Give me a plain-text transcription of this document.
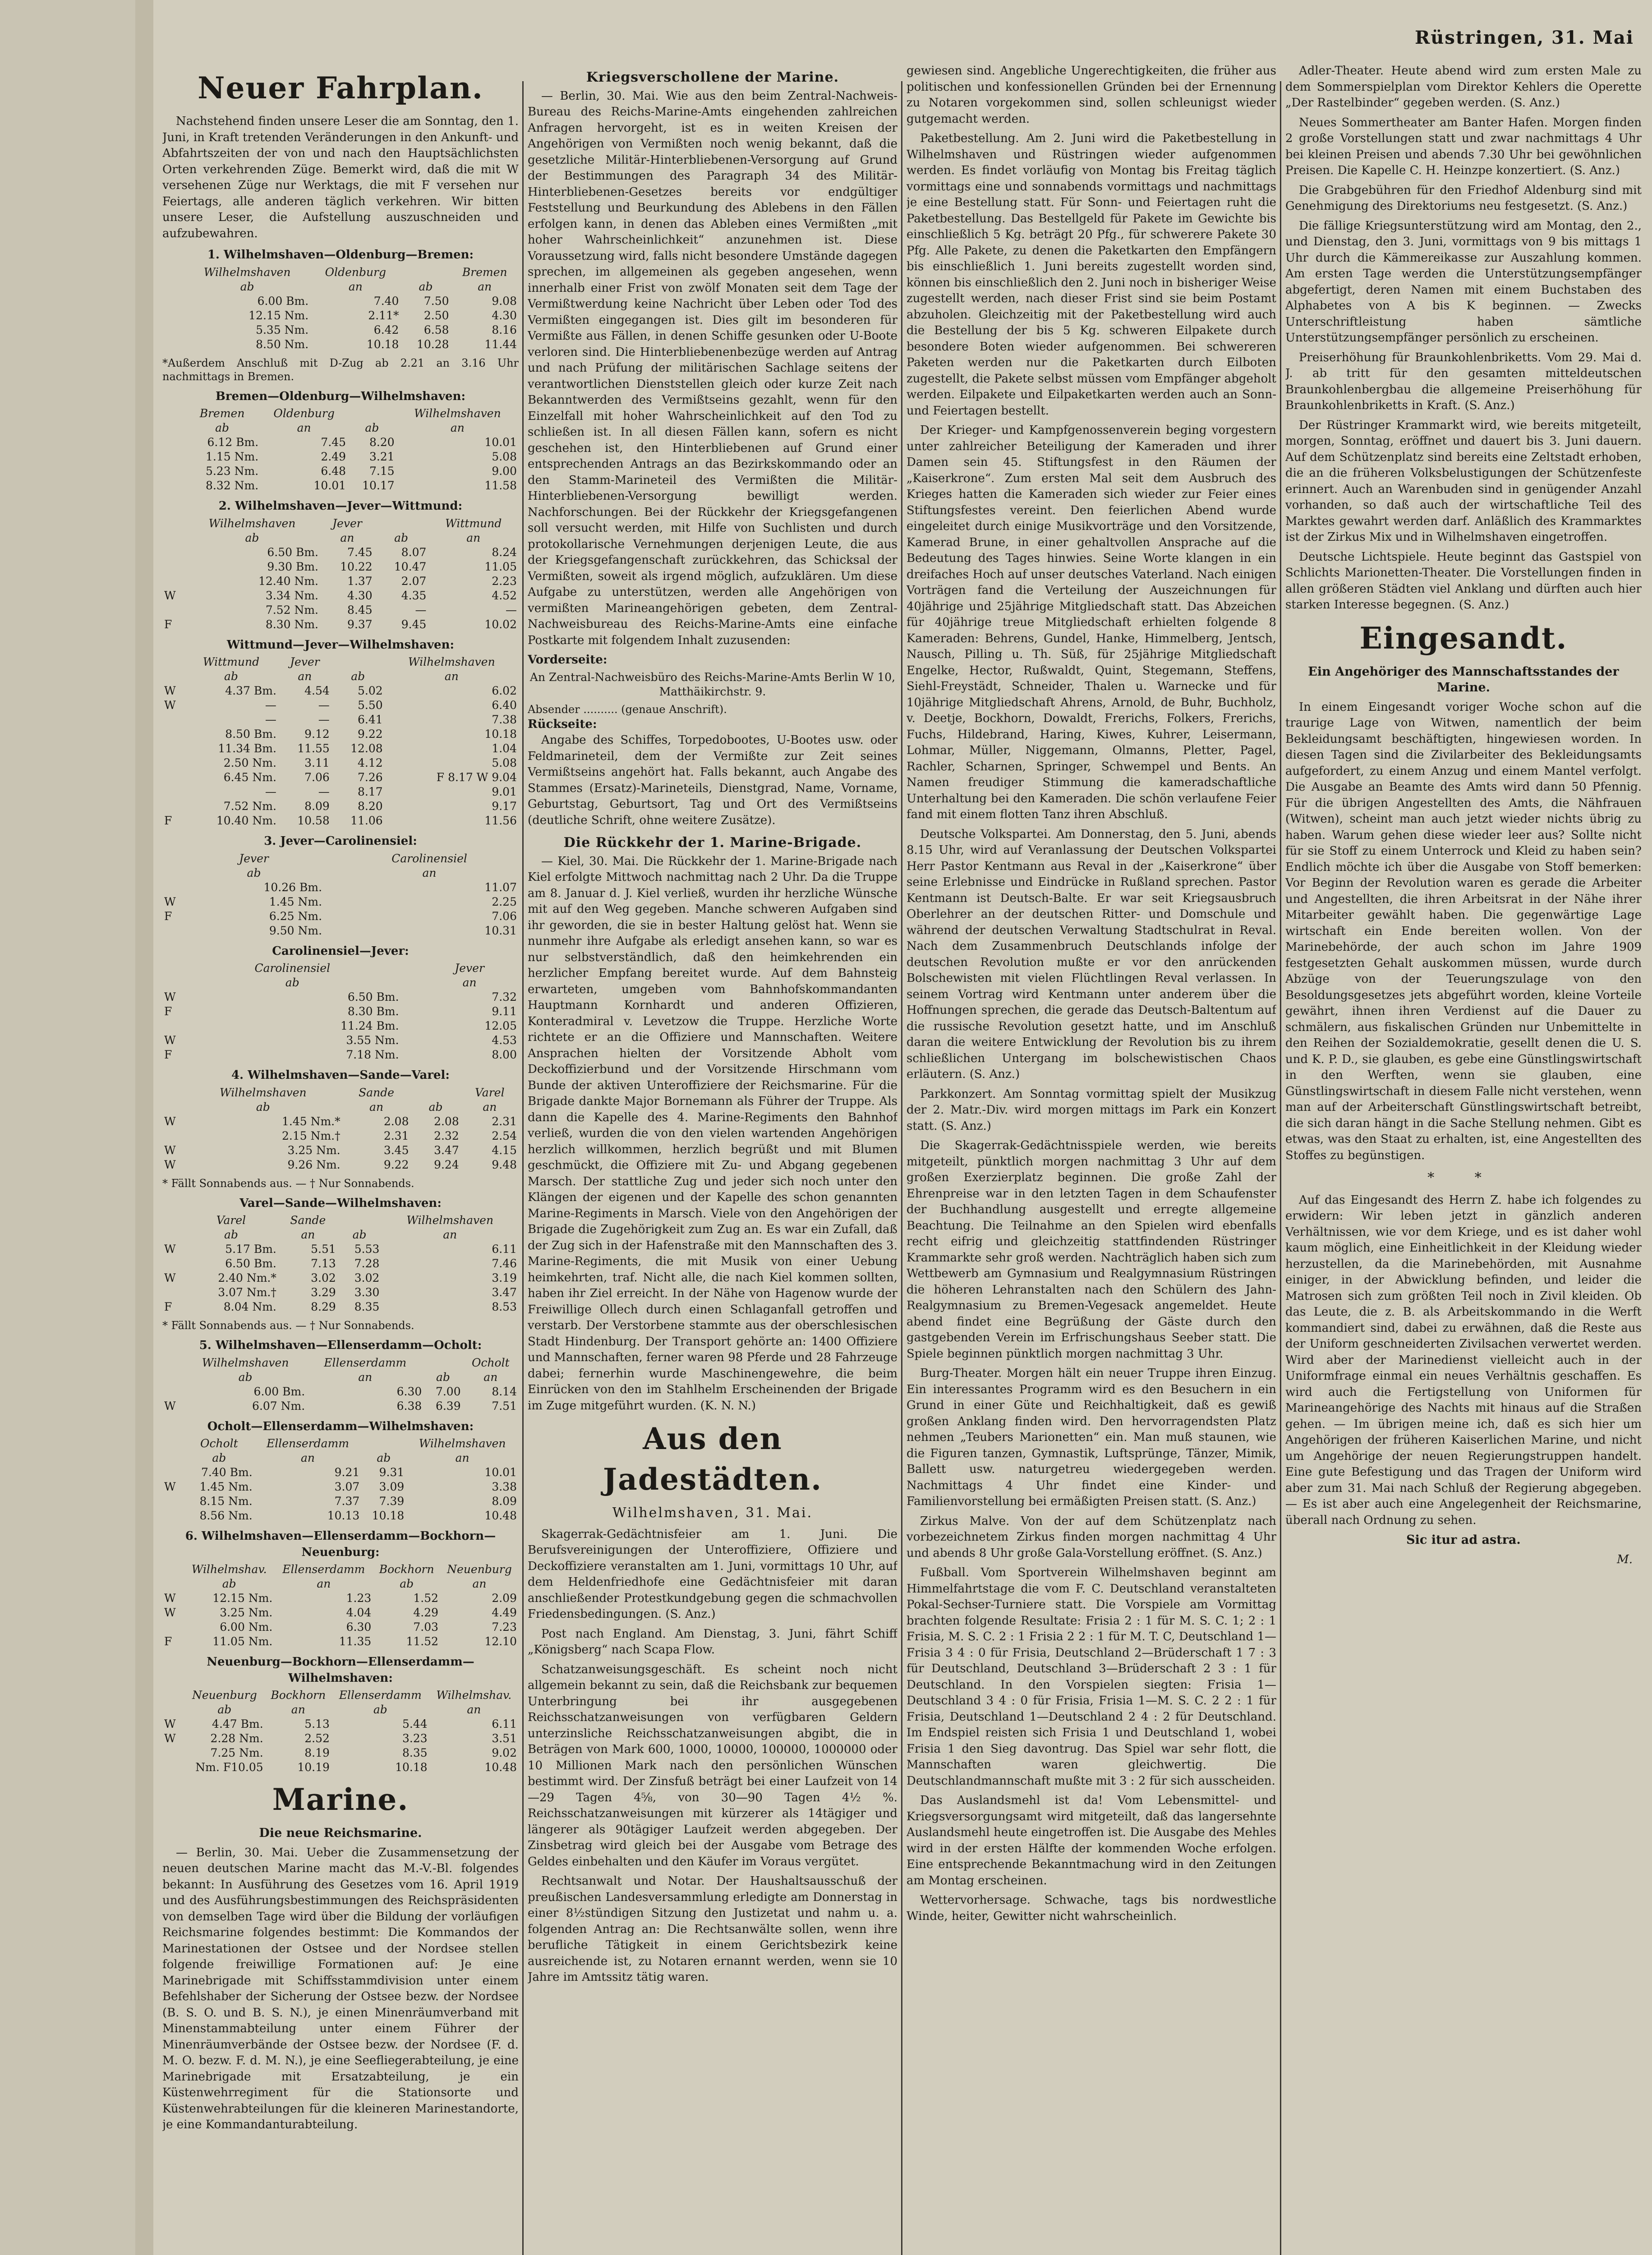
Rüstringen, 31. Mai
Neuer Fahrplan.

Nachstehend finden unsere Leser die am Sonntag, den 1. Juni, in Kraft tretenden Veränderungen in den Ankunft- und Abfahrtszeiten der von und nach den Hauptsächlichsten Orten verkehrenden Züge. Bemerkt wird, daß die mit W versehenen Züge nur Werktags, die mit F versehen nur Feiertags, alle anderen täglich verkehren. Wir bitten unsere Leser, die Aufstellung auszuschneiden und aufzubewahren.

1. Wilhelmshaven—Oldenburg—Bremen:
	Wilhelmshaven	Oldenburg		Bremen
	ab	an	ab	an
	6.00 Bm.	7.40	7.50	9.08
	12.15 Nm.	2.11*	2.50	4.30
	5.35 Nm.	6.42	6.58	8.16
	8.50 Nm.	10.18	10.28	11.44
*Außerdem Anschluß mit D-Zug ab 2.21 an 3.16 Uhr nachmittags in Bremen.
Bremen—Oldenburg—Wilhelmshaven:
	Bremen	Oldenburg		Wilhelmshaven
	ab	an	ab	an
	6.12 Bm.	7.45	8.20	10.01
	1.15 Nm.	2.49	3.21	5.08
	5.23 Nm.	6.48	7.15	9.00
	8.32 Nm.	10.01	10.17	11.58
2. Wilhelmshaven—Jever—Wittmund:
	Wilhelmshaven	Jever		Wittmund
	ab	an	ab	an
	6.50 Bm.	7.45	8.07	8.24
	9.30 Bm.	10.22	10.47	11.05
	12.40 Nm.	1.37	2.07	2.23
W	3.34 Nm.	4.30	4.35	4.52
	7.52 Nm.	8.45	—	—
F	8.30 Nm.	9.37	9.45	10.02
Wittmund—Jever—Wilhelmshaven:
	Wittmund	Jever		Wilhelmshaven
	ab	an	ab	an
W	4.37 Bm.	4.54	5.02	6.02
W	—	—	5.50	6.40
	—	—	6.41	7.38
	8.50 Bm.	9.12	9.22	10.18
	11.34 Bm.	11.55	12.08	1.04
	2.50 Nm.	3.11	4.12	5.08
	6.45 Nm.	7.06	7.26	F 8.17 W 9.04
	—	—	8.17	9.01
	7.52 Nm.	8.09	8.20	9.17
F	10.40 Nm.	10.58	11.06	11.56
3. Jever—Carolinensiel:
	Jever			Carolinensiel
	ab			an
	10.26 Bm.			11.07
W	1.45 Nm.			2.25
F	6.25 Nm.			7.06
	9.50 Nm.			10.31
Carolinensiel—Jever:
	Carolinensiel			Jever
	ab			an
W	6.50 Bm.			7.32
F	8.30 Bm.			9.11
	11.24 Bm.			12.05
W	3.55 Nm.			4.53
F	7.18 Nm.			8.00
4. Wilhelmshaven—Sande—Varel:
	Wilhelmshaven	Sande		Varel
	ab	an	ab	an
W	1.45 Nm.*	2.08	2.08	2.31
	2.15 Nm.†	2.31	2.32	2.54
W	3.25 Nm.	3.45	3.47	4.15
W	9.26 Nm.	9.22	9.24	9.48
* Fällt Sonnabends aus. — † Nur Sonnabends.
Varel—Sande—Wilhelmshaven:
	Varel	Sande		Wilhelmshaven
	ab	an	ab	an
W	5.17 Bm.	5.51	5.53	6.11
	6.50 Bm.	7.13	7.28	7.46
W	2.40 Nm.*	3.02	3.02	3.19
	3.07 Nm.†	3.29	3.30	3.47
F	8.04 Nm.	8.29	8.35	8.53
* Fällt Sonnabends aus. — † Nur Sonnabends.
5. Wilhelmshaven—Ellenserdamm—Ocholt:
	Wilhelmshaven	Ellenserdamm		Ocholt
	ab	an	ab	an
	6.00 Bm.	6.30	7.00	8.14
W	6.07 Nm.	6.38	6.39	7.51
Ocholt—Ellenserdamm—Wilhelmshaven:
	Ocholt	Ellenserdamm		Wilhelmshaven
	ab	an	ab	an
	7.40 Bm.	9.21	9.31	10.01
W	1.45 Nm.	3.07	3.09	3.38
	8.15 Nm.	7.37	7.39	8.09
	8.56 Nm.	10.13	10.18	10.48
6. Wilhelmshaven—Ellenserdamm—Bockhorn—Neuenburg:
	Wilhelmshav.	Ellenserdamm	Bockhorn	Neuenburg
	ab	an	ab	an
W	12.15 Nm.	1.23	1.52	2.09
W	3.25 Nm.	4.04	4.29	4.49
	6.00 Nm.	6.30	7.03	7.23
F	11.05 Nm.	11.35	11.52	12.10
Neuenburg—Bockhorn—Ellenserdamm—Wilhelmshaven:
	Neuenburg	Bockhorn	Ellenserdamm	Wilhelmshav.
	ab	an	ab	an
W	4.47 Bm.	5.13	5.44	6.11
W	2.28 Nm.	2.52	3.23	3.51
	7.25 Nm.	8.19	8.35	9.02
	Nm. F10.05	10.19	10.18	10.48
Marine.
Die neue Reichsmarine.

— Berlin, 30. Mai. Ueber die Zusammensetzung der neuen deutschen Marine macht das M.-V.-Bl. folgendes bekannt: In Ausführung des Gesetzes vom 16. April 1919 und des Ausführungsbestimmungen des Reichspräsidenten von demselben Tage wird über die Bildung der vorläufigen Reichsmarine folgendes bestimmt: Die Kommandos der Marinestationen der Ostsee und der Nordsee stellen folgende freiwillige Formationen auf: Je eine Marinebrigade mit Schiffsstammdivision unter einem Befehlshaber der Sicherung der Ostsee bezw. der Nordsee (B. S. O. und B. S. N.), je einen Minenräumverband mit Minenstammabteilung unter einem Führer der Minenräumverbände der Ostsee bezw. der Nordsee (F. d. M. O. bezw. F. d. M. N.), je eine Seefliegerabteilung, je eine Marinebrigade mit Ersatzabteilung, je ein Küstenwehrregiment für die Stationsorte und Küstenwehrabteilungen für die kleineren Marinestandorte, je eine Kommandanturabteilung.

Kriegsverschollene der Marine.

— Berlin, 30. Mai. Wie aus den beim Zentral-Nachweis-Bureau des Reichs-Marine-Amts eingehenden zahlreichen Anfragen hervorgeht, ist es in weiten Kreisen der Angehörigen von Vermißten noch wenig bekannt, daß die gesetzliche Militär-Hinterbliebenen-Versorgung auf Grund der Bestimmungen des Paragraph 34 des Militär-Hinterbliebenen-Gesetzes bereits vor endgültiger Feststellung und Beurkundung des Ablebens in den Fällen erfolgen kann, in denen das Ableben eines Vermißten „mit hoher Wahrscheinlichkeit“ anzunehmen ist. Diese Voraussetzung wird, falls nicht besondere Umstände dagegen sprechen, im allgemeinen als gegeben angesehen, wenn innerhalb einer Frist von zwölf Monaten seit dem Tage der Vermißtwerdung keine Nachricht über Leben oder Tod des Vermißten eingegangen ist. Dies gilt im besonderen für Vermißte aus Fällen, in denen Schiffe gesunken oder U-Boote verloren sind. Die Hinterbliebenenbezüge werden auf Antrag und nach Prüfung der militärischen Sachlage seitens der verantwortlichen Dienststellen gleich oder kurze Zeit nach Bekanntwerden des Vermißtseins gezahlt, wenn für den Einzelfall mit hoher Wahrscheinlichkeit auf den Tod zu schließen ist. In all diesen Fällen kann, sofern es nicht geschehen ist, den Hinterbliebenen auf Grund einer entsprechenden Antrags an das Bezirkskommando oder an den Stamm-Marineteil des Vermißten die Militär-Hinterbliebenen-Versorgung bewilligt werden. Nachforschungen. Bei der Rückkehr der Kriegsgefangenen soll versucht werden, mit Hilfe von Suchlisten und durch protokollarische Vernehmungen derjenigen Leute, die aus der Kriegsgefangenschaft zurückkehren, das Schicksal der Vermißten, soweit als irgend möglich, aufzuklären. Um diese Aufgabe zu unterstützen, werden alle Angehörigen von vermißten Marineangehörigen gebeten, dem Zentral-Nachweisbureau des Reichs-Marine-Amts eine einfache Postkarte mit folgendem Inhalt zuzusenden:

Vorderseite:
An Zentral-Nachweisbüro des Reichs-Marine-Amts Berlin W 10, Matthäikirchstr. 9.
Absender .......... (genaue Anschrift).
Rückseite:

Angabe des Schiffes, Torpedobootes, U-Bootes usw. oder Feldmarineteil, dem der Vermißte zur Zeit seines Vermißtseins angehört hat. Falls bekannt, auch Angabe des Stammes (Ersatz)-Marineteils, Dienstgrad, Name, Vorname, Geburtstag, Geburtsort, Tag und Ort des Vermißtseins (deutliche Schrift, ohne weitere Zusätze).

Die Rückkehr der 1. Marine-Brigade.

— Kiel, 30. Mai. Die Rückkehr der 1. Marine-Brigade nach Kiel erfolgte Mittwoch nachmittag nach 2 Uhr. Da die Truppe am 8. Januar d. J. Kiel verließ, wurden ihr herzliche Wünsche mit auf den Weg gegeben. Manche schweren Aufgaben sind ihr geworden, die sie in bester Haltung gelöst hat. Wenn sie nunmehr ihre Aufgabe als erledigt ansehen kann, so war es nur selbstverständlich, daß den heimkehrenden ein herzlicher Empfang bereitet wurde. Auf dem Bahnsteig erwarteten, umgeben vom Bahnhofskommandanten Hauptmann Kornhardt und anderen Offizieren, Konteradmiral v. Levetzow die Truppe. Herzliche Worte richtete er an die Offiziere und Mannschaften. Weitere Ansprachen hielten der Vorsitzende Abholt vom Deckoffizierbund und der Vorsitzende Hirschmann vom Bunde der aktiven Unteroffiziere der Reichsmarine. Für die Brigade dankte Major Bornemann als Führer der Truppe. Als dann die Kapelle des 4. Marine-Regiments den Bahnhof verließ, wurden die von den vielen wartenden Angehörigen herzlich willkommen, herzlich begrüßt und mit Blumen geschmückt, die Offiziere mit Zu- und Abgang gegebenen Marsch. Der stattliche Zug und jeder sich noch unter den Klängen der eigenen und der Kapelle des schon genannten Marine-Regiments in Marsch. Viele von den Angehörigen der Brigade die Zugehörigkeit zum Zug an. Es war ein Zufall, daß der Zug sich in der Hafenstraße mit den Mannschaften des 3. Marine-Regiments, die mit Musik von einer Uebung heimkehrten, traf. Nicht alle, die nach Kiel kommen sollten, haben ihr Ziel erreicht. In der Nähe von Hagenow wurde der Freiwillige Ollech durch einen Schlaganfall getroffen und verstarb. Der Verstorbene stammte aus der oberschlesischen Stadt Hindenburg. Der Transport gehörte an: 1400 Offiziere und Mannschaften, ferner waren 98 Pferde und 28 Fahrzeuge dabei; fernerhin wurde Maschinengewehre, die beim Einrücken von den im Stahlhelm Erscheinenden der Brigade im Zuge mitgeführt wurden. (K. N. N.)

Aus den Jadestädten.
Wilhelmshaven, 31. Mai.

Skagerrak-Gedächtnisfeier am 1. Juni. Die Berufsvereinigungen der Unteroffiziere, Offiziere und Deckoffiziere veranstalten am 1. Juni, vormittags 10 Uhr, auf dem Heldenfriedhofe eine Gedächtnisfeier mit daran anschließender Protestkundgebung gegen die schmachvollen Friedensbedingungen. (S. Anz.)

Post nach England. Am Dienstag, 3. Juni, fährt Schiff „Königsberg“ nach Scapa Flow.

Schatzanweisungsgeschäft. Es scheint noch nicht allgemein bekannt zu sein, daß die Reichsbank zur bequemen Unterbringung bei ihr ausgegebenen Reichsschatzanweisungen von verfügbaren Geldern unterzinsliche Reichsschatzanweisungen abgibt, die in Beträgen von Mark 600, 1000, 10000, 100000, 1000000 oder 10 Millionen Mark nach den persönlichen Wünschen bestimmt wird. Der Zinsfuß beträgt bei einer Laufzeit von 14—29 Tagen 4⅝, von 30—90 Tagen 4½ %. Reichsschatzanweisungen mit kürzerer als 14tägiger und längerer als 90tägiger Laufzeit werden abgegeben. Der Zinsbetrag wird gleich bei der Ausgabe vom Betrage des Geldes einbehalten und den Käufer im Voraus vergütet.

Rechtsanwalt und Notar. Der Haushaltsausschuß der preußischen Landesversammlung erledigte am Donnerstag in einer 8½stündigen Sitzung den Justizetat und nahm u. a. folgenden Antrag an: Die Rechtsanwälte sollen, wenn ihre berufliche Tätigkeit in einem Gerichtsbezirk keine ausreichende ist, zu Notaren ernannt werden, wenn sie 10 Jahre im Amtssitz tätig waren.

gewiesen sind. Angebliche Ungerechtigkeiten, die früher aus politischen und konfessionellen Gründen bei der Ernennung zu Notaren vorgekommen sind, sollen schleunigst wieder gutgemacht werden.

Paketbestellung. Am 2. Juni wird die Paketbestellung in Wilhelmshaven und Rüstringen wieder aufgenommen werden. Es findet vorläufig von Montag bis Freitag täglich vormittags eine und sonnabends vormittags und nachmittags je eine Bestellung statt. Für Sonn- und Feiertagen ruht die Paketbestellung. Das Bestellgeld für Pakete im Gewichte bis einschließlich 5 Kg. beträgt 20 Pfg., für schwerere Pakete 30 Pfg. Alle Pakete, zu denen die Paketkarten den Empfängern bis einschließlich 1. Juni bereits zugestellt worden sind, können bis einschließlich den 2. Juni noch in bisheriger Weise zugestellt werden, nach dieser Frist sind sie beim Postamt abzuholen. Gleichzeitig mit der Paketbestellung wird auch die Bestellung der bis 5 Kg. schweren Eilpakete durch besondere Boten wieder aufgenommen. Bei schwereren Paketen werden nur die Paketkarten durch Eilboten zugestellt, die Pakete selbst müssen vom Empfänger abgeholt werden. Eilpakete und Eilpaketkarten werden auch an Sonn- und Feiertagen bestellt.

Der Krieger- und Kampfgenossenverein beging vorgestern unter zahlreicher Beteiligung der Kameraden und ihrer Damen sein 45. Stiftungsfest in den Räumen der „Kaiserkrone“. Zum ersten Mal seit dem Ausbruch des Krieges hatten die Kameraden sich wieder zur Feier eines Stiftungsfestes vereint. Den feierlichen Abend wurde eingeleitet durch einige Musikvorträge und den Vorsitzende, Kamerad Brune, in einer gehaltvollen Ansprache auf die Bedeutung des Tages hinwies. Seine Worte klangen in ein dreifaches Hoch auf unser deutsches Vaterland. Nach einigen Vorträgen fand die Verteilung der Auszeichnungen für 40jährige und 25jährige Mitgliedschaft statt. Das Abzeichen für 40jährige treue Mitgliedschaft erhielten folgende 8 Kameraden: Behrens, Gundel, Hanke, Himmelberg, Jentsch, Nausch, Pilling u. Th. Süß, für 25jährige Mitgliedschaft Engelke, Hector, Rußwaldt, Quint, Stegemann, Steffens, Siehl-Freystädt, Schneider, Thalen u. Warnecke und für 10jährige Mitgliedschaft Ahrens, Arnold, de Buhr, Buchholz, v. Deetje, Bockhorn, Dowaldt, Frerichs, Folkers, Frerichs, Fuchs, Hildebrand, Haring, Kiwes, Kuhrer, Leisermann, Lohmar, Müller, Niggemann, Olmanns, Pletter, Pagel, Rachler, Scharnen, Springer, Schwempel und Bents. An Namen freudiger Stimmung die kameradschaftliche Unterhaltung bei den Kameraden. Die schön verlaufene Feier fand mit einem flotten Tanz ihren Abschluß.

Deutsche Volkspartei. Am Donnerstag, den 5. Juni, abends 8.15 Uhr, wird auf Veranlassung der Deutschen Volkspartei Herr Pastor Kentmann aus Reval in der „Kaiserkrone“ über seine Erlebnisse und Eindrücke in Rußland sprechen. Pastor Kentmann ist Deutsch-Balte. Er war seit Kriegsausbruch Oberlehrer an der deutschen Ritter- und Domschule und während der deutschen Verwaltung Stadtschulrat in Reval. Nach dem Zusammenbruch Deutschlands infolge der deutschen Revolution mußte er vor den anrückenden Bolschewisten mit vielen Flüchtlingen Reval verlassen. In seinem Vortrag wird Kentmann unter anderem über die Hoffnungen sprechen, die gerade das Deutsch-Baltentum auf die russische Revolution gesetzt hatte, und im Anschluß daran die weitere Entwicklung der Revolution bis zu ihrem schließlichen Untergang im bolschewistischen Chaos erläutern. (S. Anz.)

Parkkonzert. Am Sonntag vormittag spielt der Musikzug der 2. Matr.-Div. wird morgen mittags im Park ein Konzert statt. (S. Anz.)

Die Skagerrak-Gedächtnisspiele werden, wie bereits mitgeteilt, pünktlich morgen nachmittag 3 Uhr auf dem großen Exerzierplatz beginnen. Die große Zahl der Ehrenpreise war in den letzten Tagen in dem Schaufenster der Buchhandlung ausgestellt und erregte allgemeine Beachtung. Die Teilnahme an den Spielen wird ebenfalls recht eifrig und gleichzeitig stattfindenden Rüstringer Krammarkte sehr groß werden. Nachträglich haben sich zum Wettbewerb am Gymnasium und Realgymnasium Rüstringen die höheren Lehranstalten nach den Schülern des Jahn-Realgymnasium zu Bremen-Vegesack angemeldet. Heute abend findet eine Begrüßung der Gäste durch den gastgebenden Verein im Erfrischungshaus Seeber statt. Die Spiele beginnen pünktlich morgen nachmittag 3 Uhr.

Burg-Theater. Morgen hält ein neuer Truppe ihren Einzug. Ein interessantes Programm wird es den Besuchern in ein Grund in einer Güte und Reichhaltigkeit, daß es gewiß großen Anklang finden wird. Den hervorragendsten Platz nehmen „Teubers Marionetten“ ein. Man muß staunen, wie die Figuren tanzen, Gymnastik, Luftsprünge, Tänzer, Mimik, Ballett usw. naturgetreu wiedergegeben werden. Nachmittags 4 Uhr findet eine Kinder- und Familienvorstellung bei ermäßigten Preisen statt. (S. Anz.)

Zirkus Malve. Von der auf dem Schützenplatz nach vorbezeichnetem Zirkus finden morgen nachmittag 4 Uhr und abends 8 Uhr große Gala-Vorstellung eröffnet. (S. Anz.)

Fußball. Vom Sportverein Wilhelmshaven beginnt am Himmelfahrtstage die vom F. C. Deutschland veranstalteten Pokal-Sechser-Turniere statt. Die Vorspiele am Vormittag brachten folgende Resultate: Frisia 2 : 1 für M. S. C. 1; 2 : 1 Frisia, M. S. C. 2 : 1 Frisia 2 2 : 1 für M. T. C, Deutschland 1—Frisia 3 4 : 0 für Frisia, Deutschland 2—Brüderschaft 1 7 : 3 für Deutschland, Deutschland 3—Brüderschaft 2 3 : 1 für Deutschland. In den Vorspielen siegten: Frisia 1—Deutschland 3 4 : 0 für Frisia, Frisia 1—M. S. C. 2 2 : 1 für Frisia, Deutschland 1—Deutschland 2 4 : 2 für Deutschland. Im Endspiel reisten sich Frisia 1 und Deutschland 1, wobei Frisia 1 den Sieg davontrug. Das Spiel war sehr flott, die Mannschaften waren gleichwertig. Die Deutschlandmannschaft mußte mit 3 : 2 für sich ausscheiden.

Das Auslandsmehl ist da! Vom Lebensmittel- und Kriegsversorgungsamt wird mitgeteilt, daß das langersehnte Auslandsmehl heute eingetroffen ist. Die Ausgabe des Mehles wird in der ersten Hälfte der kommenden Woche erfolgen. Eine entsprechende Bekanntmachung wird in den Zeitungen am Montag erscheinen.

Wettervorhersage. Schwache, tags bis nordwestliche Winde, heiter, Gewitter nicht wahrscheinlich.

Adler-Theater. Heute abend wird zum ersten Male zu dem Sommerspielplan vom Direktor Kehlers die Operette „Der Rastelbinder“ gegeben werden. (S. Anz.)

Neues Sommertheater am Banter Hafen. Morgen finden 2 große Vorstellungen statt und zwar nachmittags 4 Uhr bei kleinen Preisen und abends 7.30 Uhr bei gewöhnlichen Preisen. Die Kapelle C. H. Heinzpe konzertiert. (S. Anz.)

Die Grabgebühren für den Friedhof Aldenburg sind mit Genehmigung des Direktoriums neu festgesetzt. (S. Anz.)

Die fällige Kriegsunterstützung wird am Montag, den 2., und Dienstag, den 3. Juni, vormittags von 9 bis mittags 1 Uhr durch die Kämmereikasse zur Auszahlung kommen. Am ersten Tage werden die Unterstützungsempfänger abgefertigt, deren Namen mit einem Buchstaben des Alphabetes von A bis K beginnen. — Zwecks Unterschriftleistung haben sämtliche Unterstützungsempfänger persönlich zu erscheinen.

Preiserhöhung für Braunkohlenbriketts. Vom 29. Mai d. J. ab tritt für den gesamten mitteldeutschen Braunkohlenbergbau die allgemeine Preiserhöhung für Braunkohlenbriketts in Kraft. (S. Anz.)

Der Rüstringer Krammarkt wird, wie bereits mitgeteilt, morgen, Sonntag, eröffnet und dauert bis 3. Juni dauern. Auf dem Schützenplatz sind bereits eine Zeltstadt erhoben, die an die früheren Volksbelustigungen der Schützenfeste erinnert. Auch an Warenbuden sind in genügender Anzahl vorhanden, so daß auch der wirtschaftliche Teil des Marktes gewahrt werden darf. Anläßlich des Krammarktes ist der Zirkus Mix und in Wilhelmshaven eingetroffen.

Deutsche Lichtspiele. Heute beginnt das Gastspiel von Schlichts Marionetten-Theater. Die Vorstellungen finden in allen größeren Städten viel Anklang und dürften auch hier starken Interesse begegnen. (S. Anz.)

Eingesandt.
Ein Angehöriger des Mannschaftsstandes der Marine.

In einem Eingesandt voriger Woche schon auf die traurige Lage von Witwen, namentlich der beim Bekleidungsamt beschäftigten, hingewiesen worden. In diesen Tagen sind die Zivilarbeiter des Bekleidungsamts aufgefordert, zu einem Anzug und einem Mantel verfolgt. Die Ausgabe an Beamte des Amts wird dann 50 Pfennig. Für die übrigen Angestellten des Amts, die Nähfrauen (Witwen), scheint man auch jetzt wieder nichts übrig zu haben. Warum gehen diese wieder leer aus? Sollte nicht für sie Stoff zu einem Unterrock und Kleid zu haben sein? Endlich möchte ich über die Ausgabe von Stoff bemerken: Vor Beginn der Revolution waren es gerade die Arbeiter und Angestellten, die ihren Arbeitsrat in der Nähe ihrer Mitarbeiter gewählt haben. Die gegenwärtige Lage wirtschaft ein Ende bereiten wollen. Von der Marinebehörde, der auch schon im Jahre 1909 festgesetzten Gehalt auskommen müssen, wurde durch Abzüge von der Teuerungszulage von den Besoldungsgesetzes jets abgeführt worden, kleine Vorteile gewährt, ihnen ihren Verdienst auf die Dauer zu schmälern, aus fiskalischen Gründen nur Unbemittelte in den Reihen der Sozialdemokratie, gesellt denen die U. S. und K. P. D., sie glauben, es gebe eine Günstlingswirtschaft in den Werften, wenn sie glauben, eine Günstlingswirtschaft in diesem Falle nicht verstehen, wenn man auf der Arbeiterschaft Günstlingswirtschaft betreibt, die sich daran hängt in die Sache Stellung nehmen. Gibt es etwas, was den Staat zu erhalten, ist, eine Angestellten des Stoffes zu begünstigen.

* *

Auf das Eingesandt des Herrn Z. habe ich folgendes zu erwidern: Wir leben jetzt in gänzlich anderen Verhältnissen, wie vor dem Kriege, und es ist daher wohl kaum möglich, eine Einheitlichkeit in der Kleidung wieder herzustellen, da die Marinebehörden, mit Ausnahme einiger, in der Abwicklung befinden, und leider die Matrosen sich zum größten Teil noch in Zivil kleiden. Ob das Leute, die z. B. als Arbeitskommando in die Werft kommandiert sind, dabei zu erwähnen, daß die Reste aus der Uniform geschneiderten Zivilsachen verwertet werden. Wird aber der Marinedienst vielleicht auch in der Uniformfrage einmal ein neues Verhältnis geschaffen. Es wird auch die Fertigstellung von Uniformen für Marineangehörige des Nachts mit hinaus auf die Straßen gehen. — Im übrigen meine ich, daß es sich hier um Angehörigen der früheren Kaiserlichen Marine, und nicht um Angehörige der neuen Regierungstruppen handelt. Eine gute Befestigung und das Tragen der Uniform wird aber zum 31. Mai nach Schluß der Regierung abgegeben. — Es ist aber auch eine Angelegenheit der Reichsmarine, überall nach Ordnung zu sehen.

Sic itur ad astra.
M.
